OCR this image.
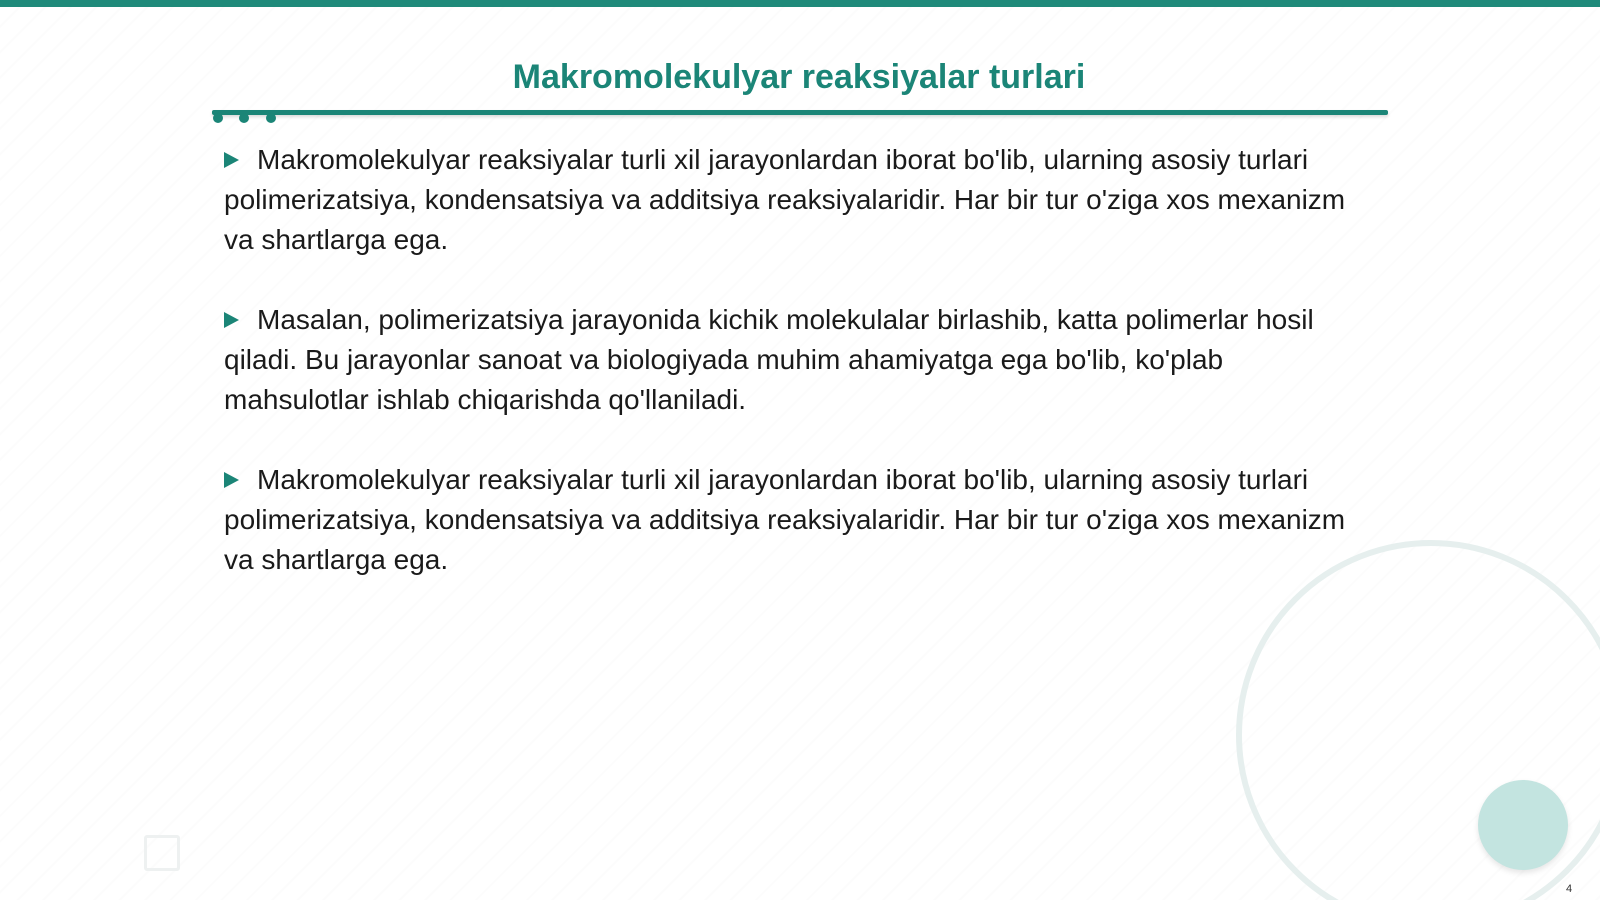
Makromolekulyar reaksiyalar turlari

Makromolekulyar reaksiyalar turli xil jarayonlardan iborat bo'lib, ularning asosiy turlari polimerizatsiya, kondensatsiya va additsiya reaksiyalaridir. Har bir tur o'ziga xos mexanizm va shartlarga ega.

Masalan, polimerizatsiya jarayonida kichik molekulalar birlashib, katta polimerlar hosil qiladi. Bu jarayonlar sanoat va biologiyada muhim ahamiyatga ega bo'lib, ko'plab mahsulotlar ishlab chiqarishda qo'llaniladi.

Makromolekulyar reaksiyalar turli xil jarayonlardan iborat bo'lib, ularning asosiy turlari polimerizatsiya, kondensatsiya va additsiya reaksiyalaridir. Har bir tur o'ziga xos mexanizm va shartlarga ega.

4
